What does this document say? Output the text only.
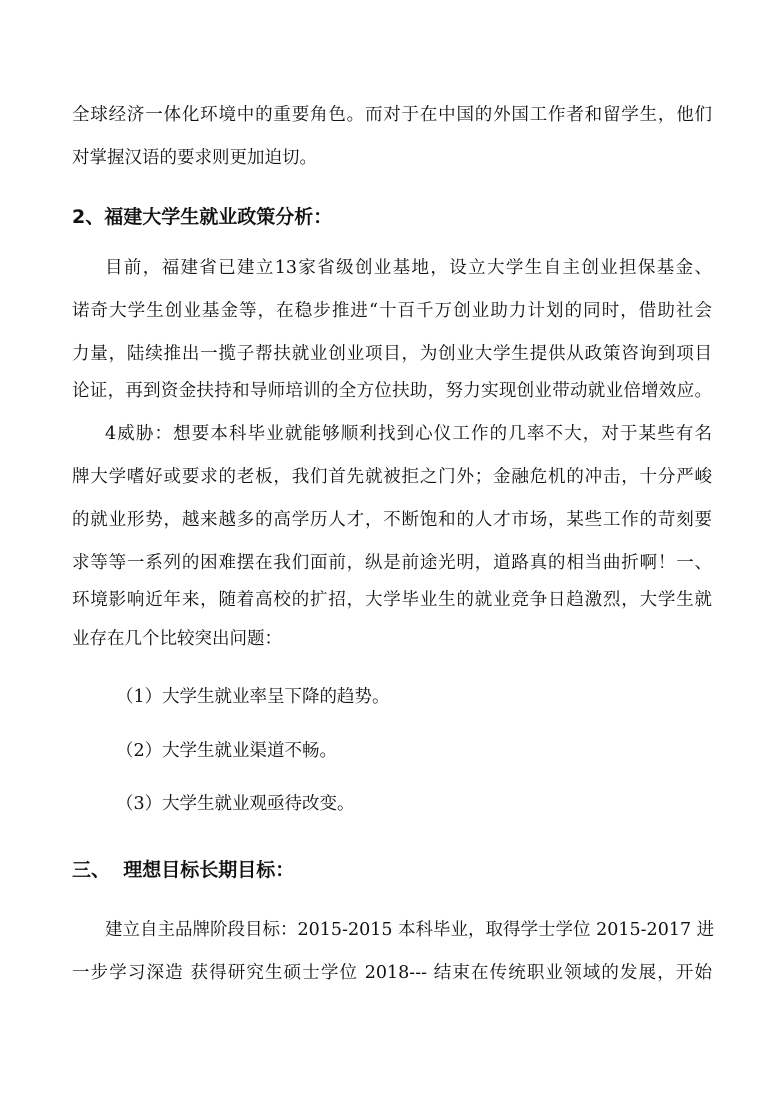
全球经济一体化环境中的重要角色。而对于在中国的外国工作者和留学生，他们
对掌握汉语的要求则更加迫切。
2、福建大学生就业政策分析：
目前，福建省已建立13家省级创业基地，设立大学生自主创业担保基金、
诺奇大学生创业基金等，在稳步推进“十百千万创业助力计划的同时，借助社会
力量，陆续推出一揽子帮扶就业创业项目，为创业大学生提供从政策咨询到项目
论证，再到资金扶持和导师培训的全方位扶助，努力实现创业带动就业倍增效应。
4威胁：想要本科毕业就能够顺利找到心仪工作的几率不大，对于某些有名
牌大学嗜好或要求的老板，我们首先就被拒之门外；金融危机的冲击，十分严峻
的就业形势，越来越多的高学历人才，不断饱和的人才市场，某些工作的苛刻要
求等等一系列的困难摆在我们面前，纵是前途光明，道路真的相当曲折啊！一、
环境影响近年来，随着高校的扩招，大学毕业生的就业竞争日趋激烈，大学生就
业存在几个比较突出问题：
（1）大学生就业率呈下降的趋势。
（2）大学生就业渠道不畅。
（3）大学生就业观亟待改变。
三、  理想目标长期目标：
建立自主品牌阶段目标：2015-2015 本科毕业，取得学士学位 2015-2017 进
一步学习深造 获得研究生硕士学位 2018--- 结束在传统职业领域的发展，开始
